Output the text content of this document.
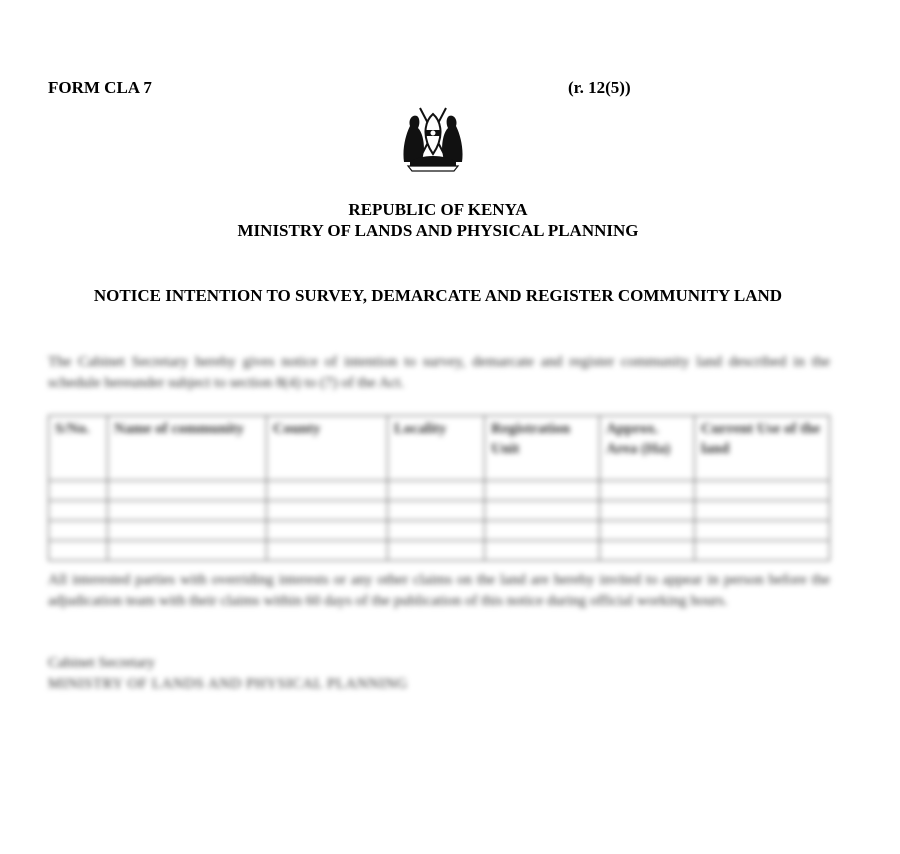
FORM CLA 7	(r. 12(5))
REPUBLIC OF KENYA
MINISTRY OF LANDS AND PHYSICAL PLANNING
NOTICE INTENTION TO SURVEY, DEMARCATE AND REGISTER COMMUNITY LAND
The Cabinet Secretary hereby gives notice of intention to survey, demarcate and register community land described in the schedule hereunder subject to section 8(4) to (7) of the Act.
S/No.	Name of community	County	Locality	Registration Unit	Approx. Area (Ha)	Current Use of the land

All interested parties with overriding interests or any other claims on the land are hereby invited to appear in person before the adjudication team with their claims within 60 days of the publication of this notice during official working hours.
Cabinet Secretary
MINISTRY OF LANDS AND PHYSICAL PLANNING
